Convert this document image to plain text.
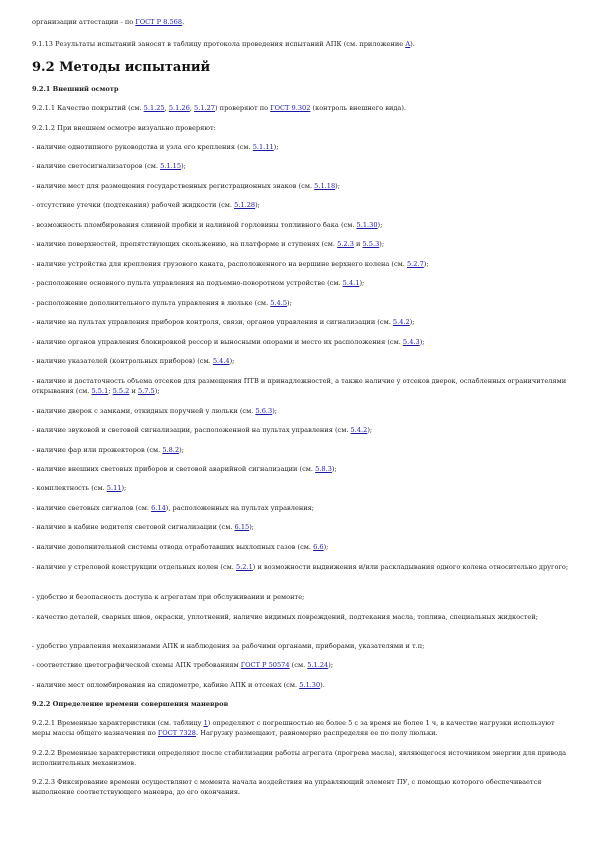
9.2 Методы испытаний
организации аттестации - по ГОСТ Р 8.568.
9.1.13 Результаты испытаний заносят в таблицу протокола проведения испытаний АПК (см. приложение А).
9.2.1 Внешний осмотр
9.2.1.1 Качество покрытий (см. 5.1.25, 5.1.26, 5.1.27) проверяют по ГОСТ 9.302 (контроль внешнего вида).
9.2.1.2 При внешнем осмотре визуально проверяют:
- наличие однотипного руководства и узла его крепления (см. 5.1.11);
- наличие светосигнализаторов (см. 5.1.15);
- наличие мест для размещения государственных регистрационных знаков (см. 5.1.18);
- отсутствие утечки (подтекания) рабочей жидкости (см. 5.1.28);
- возможность пломбирования сливной пробки и наливной горловины топливного бака (см. 5.1.30);
- наличие поверхностей, препятствующих скольжению, на платформе и ступенях (см. 5.2.3 и 5.5.3);
- наличие устройства для крепления грузового каната, расположенного на вершине верхнего колена (см. 5.2.7);
- расположение основного пульта управления на подъемно-поворотном устройстве (см. 5.4.1);
- расположение дополнительного пульта управления в люльке (см. 5.4.5);
- наличие на пультах управления приборов контроля, связи, органов управления и сигнализации (см. 5.4.2);
- наличие органов управления блокировкой рессор и выносными опорами и место их расположения (см. 5.4.3);
- наличие указателей (контрольных приборов) (см. 5.4.4);
- наличие и достаточность объема отсеков для размещения ПТВ и принадлежностей, а также наличие у отсеков дверок, ослабленных ограничителями открывания (см. 5.5.1; 5.5.2 и 5.7.5);
- наличие дверок с замками, откидных поручней у люльки (см. 5.6.3);
- наличие звуковой и световой сигнализации, расположенной на пультах управления (см. 5.4.2);
- наличие фар или прожекторов (см. 5.8.2);
- наличие внешних световых приборов и световой аварийной сигнализации (см. 5.8.3);
- комплектность (см. 5.11);
- наличие световых сигналов (см. 6.14), расположенных на пультах управления;
- наличие в кабине водителя световой сигнализации (см. 6.15);
- наличие дополнительной системы отвода отработавших выхлопных газов (см. 6.6);
- наличие у стреловой конструкции отдельных колен (см. 5.2.1) и возможности выдвижения и/или раскладывания одного колена относительно другого;
- удобство и безопасность доступа к агрегатам при обслуживании и ремонте;
- качество деталей, сварных швов, окраски, уплотнений, наличие видимых повреждений, подтекания масла, топлива, специальных жидкостей;
- удобство управления механизмами АПК и наблюдения за рабочими органами, приборами, указателями и т.п;
- соответствие цветографической схемы АПК требованиям ГОСТ Р 50574 (см. 5.1.24);
- наличие мест опломбирования на спидометре, кабине АПК и отсеках (см. 5.1.30).
9.2.2 Определение времени совершения маневров
9.2.2.1 Временные характеристики (см. таблицу 1) определяют с погрешностью не более 5 с за время не более 1 ч, в качестве нагрузки используют меры массы общего назначения по ГОСТ 7328. Нагрузку размещают, равномерно распределяя ее по полу люльки.
9.2.2.2 Временные характеристики определяют после стабилизации работы агрегата (прогрева масла), являющегося источником энергии для привода исполнительных механизмов.
9.2.2.3 Фиксирование времени осуществляют с момента начала воздействия на управляющий элемент ПУ, с помощью которого обеспечивается выполнение соответствующего маневра, до его окончания.
